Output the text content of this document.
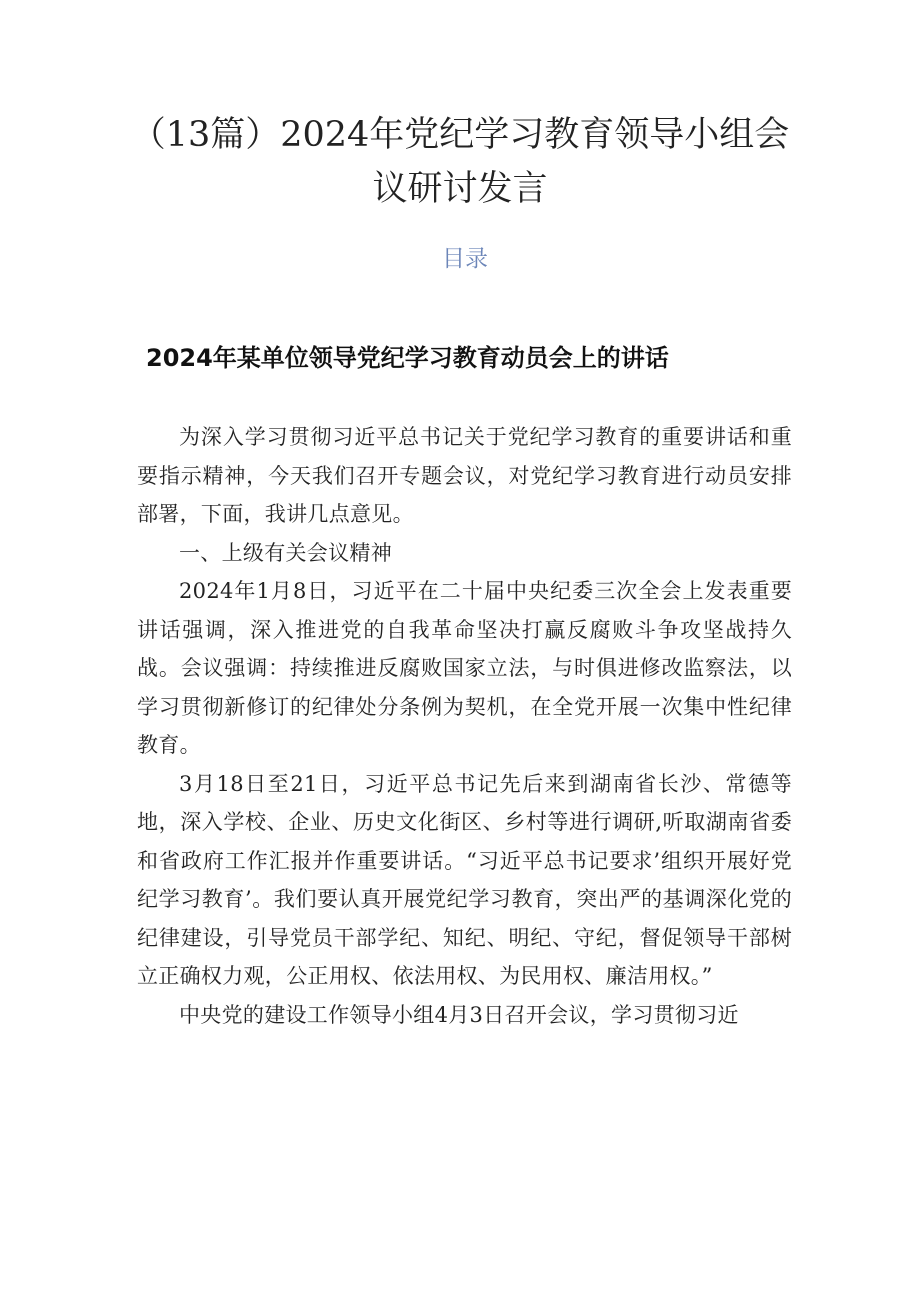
（13篇）2024年党纪学习教育领导小组会议研讨发言
目录
2024年某单位领导党纪学习教育动员会上的讲话

为深入学习贯彻习近平总书记关于党纪学习教育的重要讲话和重要指示精神，今天我们召开专题会议，对党纪学习教育进行动员安排部署，下面，我讲几点意见。

一、上级有关会议精神

2024年1月8日，习近平在二十届中央纪委三次全会上发表重要讲话强调，深入推进党的自我革命坚决打赢反腐败斗争攻坚战持久战。会议强调：持续推进反腐败国家立法，与时俱进修改监察法，以学习贯彻新修订的纪律处分条例为契机，在全党开展一次集中性纪律教育。

3月18日至21日，习近平总书记先后来到湖南省长沙、常德等地，深入学校、企业、历史文化街区、乡村等进行调研,听取湖南省委和省政府工作汇报并作重要讲话。“习近平总书记要求’组织开展好党纪学习教育’。我们要认真开展党纪学习教育，突出严的基调深化党的纪律建设，引导党员干部学纪、知纪、明纪、守纪，督促领导干部树立正确权力观，公正用权、依法用权、为民用权、廉洁用权。”

中央党的建设工作领导小组4月3日召开会议，学习贯彻习近
